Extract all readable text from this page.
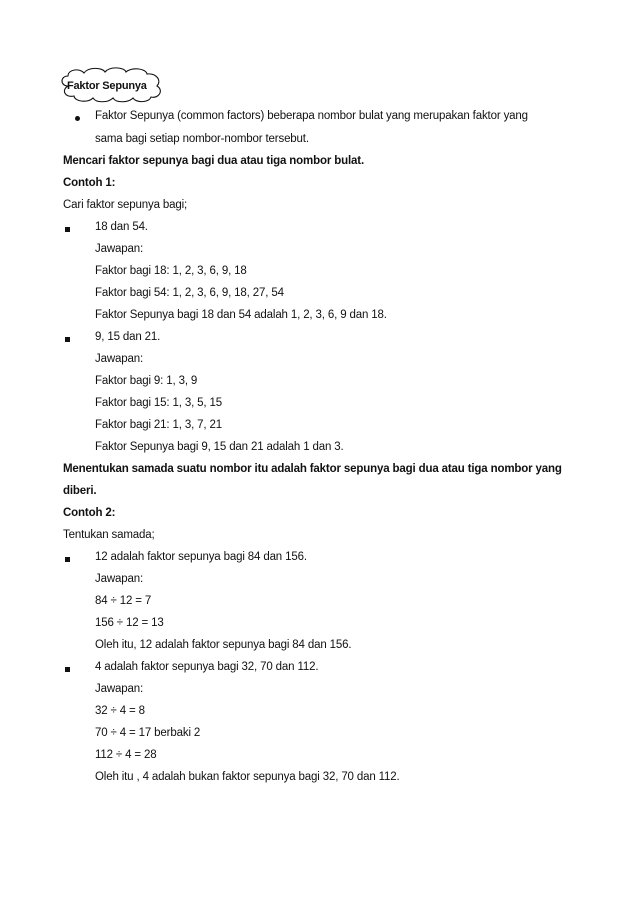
Faktor Sepunya
Faktor Sepunya (common factors) beberapa nombor bulat yang merupakan faktor yang
sama bagi setiap nombor-nombor tersebut.
Mencari faktor sepunya bagi dua atau tiga nombor bulat.
Contoh 1:
Cari faktor sepunya bagi;
18 dan 54.
Jawapan:
Faktor bagi 18: 1, 2, 3, 6, 9, 18
Faktor bagi 54: 1, 2, 3, 6, 9, 18, 27, 54
Faktor Sepunya bagi 18 dan 54 adalah 1, 2, 3, 6, 9 dan 18.
9, 15 dan 21.
Jawapan:
Faktor bagi 9: 1, 3, 9
Faktor bagi 15: 1, 3, 5, 15
Faktor bagi 21: 1, 3, 7, 21
Faktor Sepunya bagi 9, 15 dan 21 adalah 1 dan 3.
Menentukan samada suatu nombor itu adalah faktor sepunya bagi dua atau tiga nombor yang
diberi.
Contoh 2:
Tentukan samada;
12 adalah faktor sepunya bagi 84 dan 156.
Jawapan:
84 ÷ 12 = 7
156 ÷ 12 = 13
Oleh itu, 12 adalah faktor sepunya bagi 84 dan 156.
4 adalah faktor sepunya bagi 32, 70 dan 112.
Jawapan:
32 ÷ 4 = 8
70 ÷ 4 = 17 berbaki 2
112 ÷ 4 = 28
Oleh itu , 4 adalah bukan faktor sepunya bagi 32, 70 dan 112.
